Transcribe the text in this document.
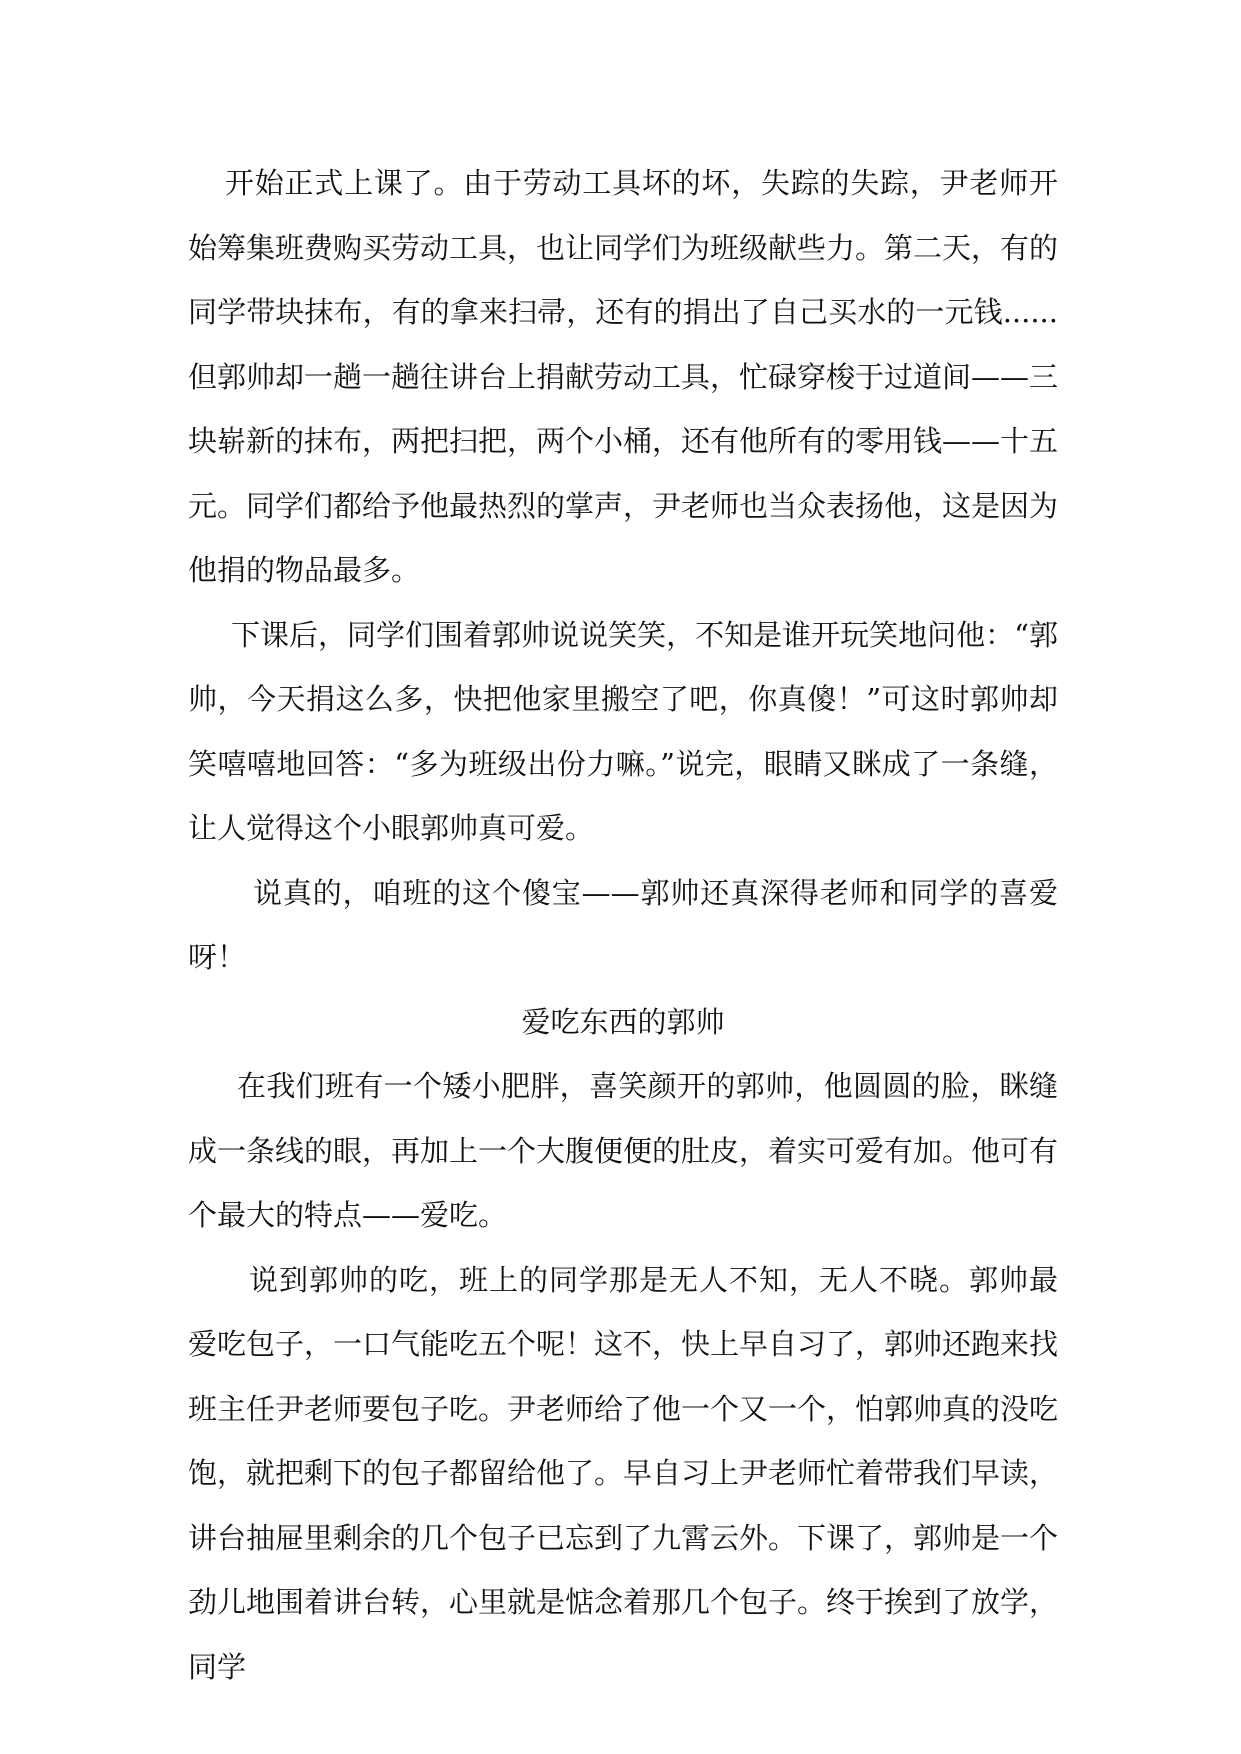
开始正式上课了。由于劳动工具坏的坏，失踪的失踪，尹老师开始筹集班费购买劳动工具，也让同学们为班级献些力。第二天，有的同学带块抹布，有的拿来扫帚，还有的捐出了自己买水的一元钱......但郭帅却一趟一趟往讲台上捐献劳动工具，忙碌穿梭于过道间——三块崭新的抹布，两把扫把，两个小桶，还有他所有的零用钱——十五元。同学们都给予他最热烈的掌声，尹老师也当众表扬他，这是因为他捐的物品最多。

下课后，同学们围着郭帅说说笑笑，不知是谁开玩笑地问他：“郭帅，今天捐这么多，快把他家里搬空了吧，你真傻！”可这时郭帅却笑嘻嘻地回答：“多为班级出份力嘛。”说完，眼睛又眯成了一条缝，让人觉得这个小眼郭帅真可爱。

说真的，咱班的这个傻宝——郭帅还真深得老师和同学的喜爱呀！

爱吃东西的郭帅

在我们班有一个矮小肥胖，喜笑颜开的郭帅，他圆圆的脸，眯缝成一条线的眼，再加上一个大腹便便的肚皮，着实可爱有加。他可有个最大的特点——爱吃。

说到郭帅的吃，班上的同学那是无人不知，无人不晓。郭帅最爱吃包子，一口气能吃五个呢！这不，快上早自习了，郭帅还跑来找班主任尹老师要包子吃。尹老师给了他一个又一个，怕郭帅真的没吃饱，就把剩下的包子都留给他了。早自习上尹老师忙着带我们早读，讲台抽屉里剩余的几个包子已忘到了九霄云外。下课了，郭帅是一个劲儿地围着讲台转，心里就是惦念着那几个包子。终于挨到了放学，同学
